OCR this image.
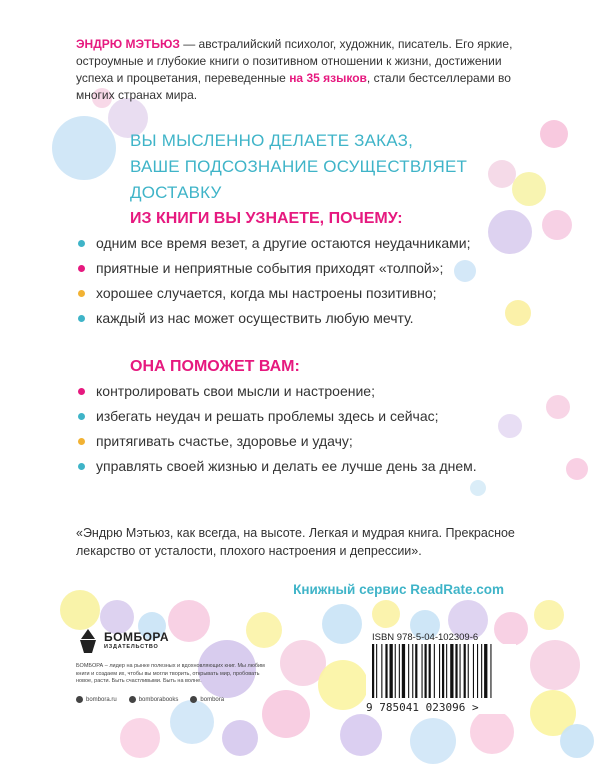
ЭНДРЮ МЭТЬЮЗ — австралийский психолог, художник, писатель. Его яркие, остроумные и глубокие книги о позитивном отношении к жизни, достижении успеха и процветания, переведенные на 35 языков, стали бестселлерами во многих странах мира.
ВЫ МЫСЛЕННО ДЕЛАЕТЕ ЗАКАЗ,
ВАШЕ ПОДСОЗНАНИЕ ОСУЩЕСТВЛЯЕТ
ДОСТАВКУ
ИЗ КНИГИ ВЫ УЗНАЕТЕ, ПОЧЕМУ:
одним все время везет, а другие остаются неудачниками;
приятные и неприятные события приходят «толпой»;
хорошее случается, когда мы настроены позитивно;
каждый из нас может осуществить любую мечту.
ОНА ПОМОЖЕТ ВАМ:
контролировать свои мысли и настроение;
избегать неудач и решать проблемы здесь и сейчас;
притягивать счастье, здоровье и удачу;
управлять своей жизнью и делать ее лучше день за днем.
«Эндрю Мэтьюз, как всегда, на высоте. Легкая и мудрая книга. Прекрасное лекарство от усталости, плохого настроения и депрессии».
Книжный сервис ReadRate.com
БОМБОРА
ИЗДАТЕЛЬСТВО
БОМБОРА – лидер на рынке полезных и вдохновляющих книг. Мы любим книги и создаем их, чтобы вы могли творить, открывать мир, пробовать новое, расти. Быть счастливыми. Быть на волне.
bombora.ru	bomborabooks	bombora
ISBN 978-5-04-102309-6
9 785041 023096 >
